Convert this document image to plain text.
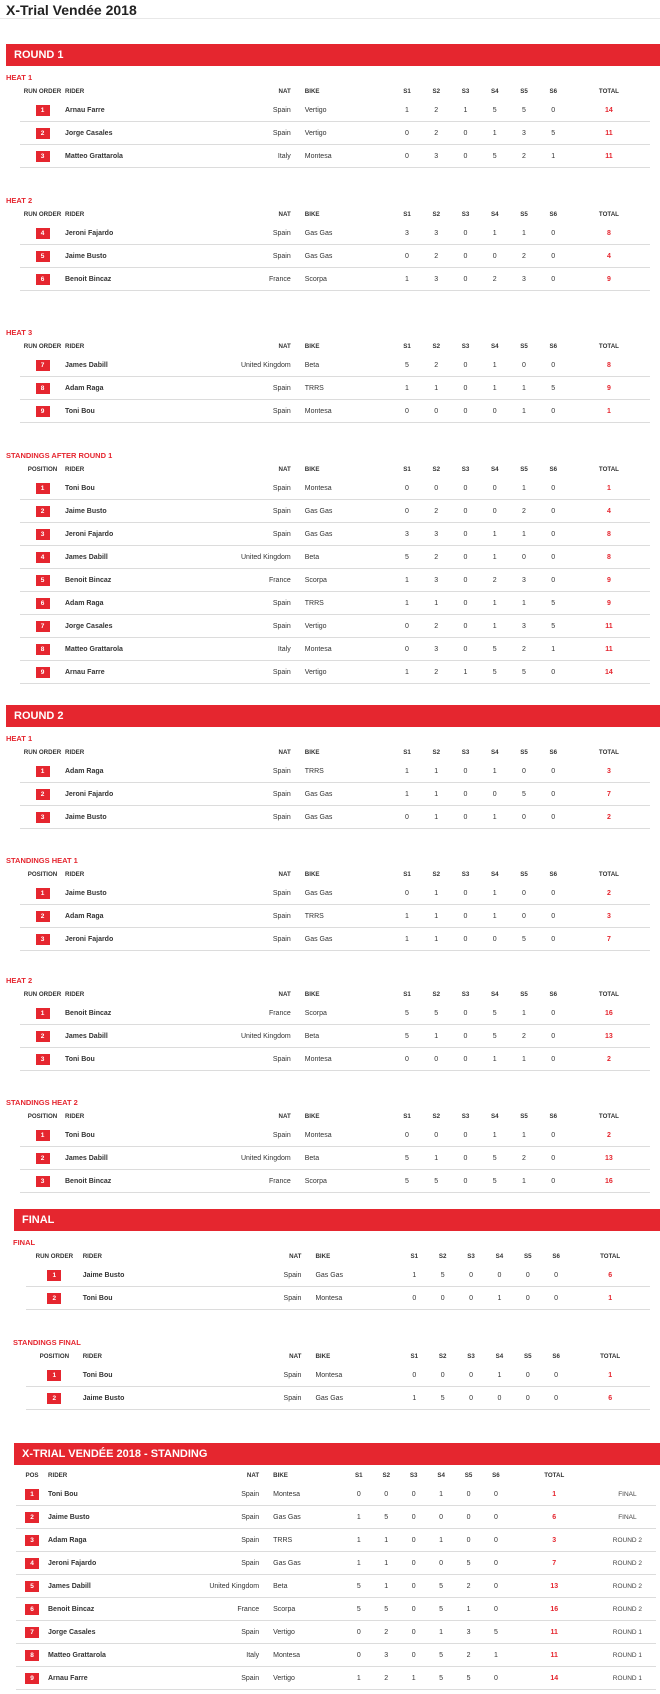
X-Trial Vendée 2018
ROUND 1
HEAT 1
RUN ORDER	RIDER	NAT	BIKE	S1	S2	S3	S4	S5	S6	TOTAL
1	Arnau Farre	Spain	Vertigo	1	2	1	5	5	0	14
2	Jorge Casales	Spain	Vertigo	0	2	0	1	3	5	11
3	Matteo Grattarola	Italy	Montesa	0	3	0	5	2	1	11
HEAT 2
RUN ORDER	RIDER	NAT	BIKE	S1	S2	S3	S4	S5	S6	TOTAL
4	Jeroni Fajardo	Spain	Gas Gas	3	3	0	1	1	0	8
5	Jaime Busto	Spain	Gas Gas	0	2	0	0	2	0	4
6	Benoit Bincaz	France	Scorpa	1	3	0	2	3	0	9
HEAT 3
RUN ORDER	RIDER	NAT	BIKE	S1	S2	S3	S4	S5	S6	TOTAL
7	James Dabill	United Kingdom	Beta	5	2	0	1	0	0	8
8	Adam Raga	Spain	TRRS	1	1	0	1	1	5	9
9	Toni Bou	Spain	Montesa	0	0	0	0	1	0	1
STANDINGS AFTER ROUND 1
POSITION	RIDER	NAT	BIKE	S1	S2	S3	S4	S5	S6	TOTAL
1	Toni Bou	Spain	Montesa	0	0	0	0	1	0	1
2	Jaime Busto	Spain	Gas Gas	0	2	0	0	2	0	4
3	Jeroni Fajardo	Spain	Gas Gas	3	3	0	1	1	0	8
4	James Dabill	United Kingdom	Beta	5	2	0	1	0	0	8
5	Benoit Bincaz	France	Scorpa	1	3	0	2	3	0	9
6	Adam Raga	Spain	TRRS	1	1	0	1	1	5	9
7	Jorge Casales	Spain	Vertigo	0	2	0	1	3	5	11
8	Matteo Grattarola	Italy	Montesa	0	3	0	5	2	1	11
9	Arnau Farre	Spain	Vertigo	1	2	1	5	5	0	14
ROUND 2
HEAT 1
RUN ORDER	RIDER	NAT	BIKE	S1	S2	S3	S4	S5	S6	TOTAL
1	Adam Raga	Spain	TRRS	1	1	0	1	0	0	3
2	Jeroni Fajardo	Spain	Gas Gas	1	1	0	0	5	0	7
3	Jaime Busto	Spain	Gas Gas	0	1	0	1	0	0	2
STANDINGS HEAT 1
POSITION	RIDER	NAT	BIKE	S1	S2	S3	S4	S5	S6	TOTAL
1	Jaime Busto	Spain	Gas Gas	0	1	0	1	0	0	2
2	Adam Raga	Spain	TRRS	1	1	0	1	0	0	3
3	Jeroni Fajardo	Spain	Gas Gas	1	1	0	0	5	0	7
HEAT 2
RUN ORDER	RIDER	NAT	BIKE	S1	S2	S3	S4	S5	S6	TOTAL
1	Benoit Bincaz	France	Scorpa	5	5	0	5	1	0	16
2	James Dabill	United Kingdom	Beta	5	1	0	5	2	0	13
3	Toni Bou	Spain	Montesa	0	0	0	1	1	0	2
STANDINGS HEAT 2
POSITION	RIDER	NAT	BIKE	S1	S2	S3	S4	S5	S6	TOTAL
1	Toni Bou	Spain	Montesa	0	0	0	1	1	0	2
2	James Dabill	United Kingdom	Beta	5	1	0	5	2	0	13
3	Benoit Bincaz	France	Scorpa	5	5	0	5	1	0	16
FINAL
FINAL
RUN ORDER	RIDER	NAT	BIKE	S1	S2	S3	S4	S5	S6	TOTAL
1	Jaime Busto	Spain	Gas Gas	1	5	0	0	0	0	6
2	Toni Bou	Spain	Montesa	0	0	0	1	0	0	1
STANDINGS FINAL
POSITION	RIDER	NAT	BIKE	S1	S2	S3	S4	S5	S6	TOTAL
1	Toni Bou	Spain	Montesa	0	0	0	1	0	0	1
2	Jaime Busto	Spain	Gas Gas	1	5	0	0	0	0	6
X-TRIAL VENDÉE 2018 - STANDING
POS	RIDER	NAT	BIKE	S1	S2	S3	S4	S5	S6	TOTAL	
1	Toni Bou	Spain	Montesa	0	0	0	1	0	0	1	FINAL
2	Jaime Busto	Spain	Gas Gas	1	5	0	0	0	0	6	FINAL
3	Adam Raga	Spain	TRRS	1	1	0	1	0	0	3	ROUND 2
4	Jeroni Fajardo	Spain	Gas Gas	1	1	0	0	5	0	7	ROUND 2
5	James Dabill	United Kingdom	Beta	5	1	0	5	2	0	13	ROUND 2
6	Benoit Bincaz	France	Scorpa	5	5	0	5	1	0	16	ROUND 2
7	Jorge Casales	Spain	Vertigo	0	2	0	1	3	5	11	ROUND 1
8	Matteo Grattarola	Italy	Montesa	0	3	0	5	2	1	11	ROUND 1
9	Arnau Farre	Spain	Vertigo	1	2	1	5	5	0	14	ROUND 1
